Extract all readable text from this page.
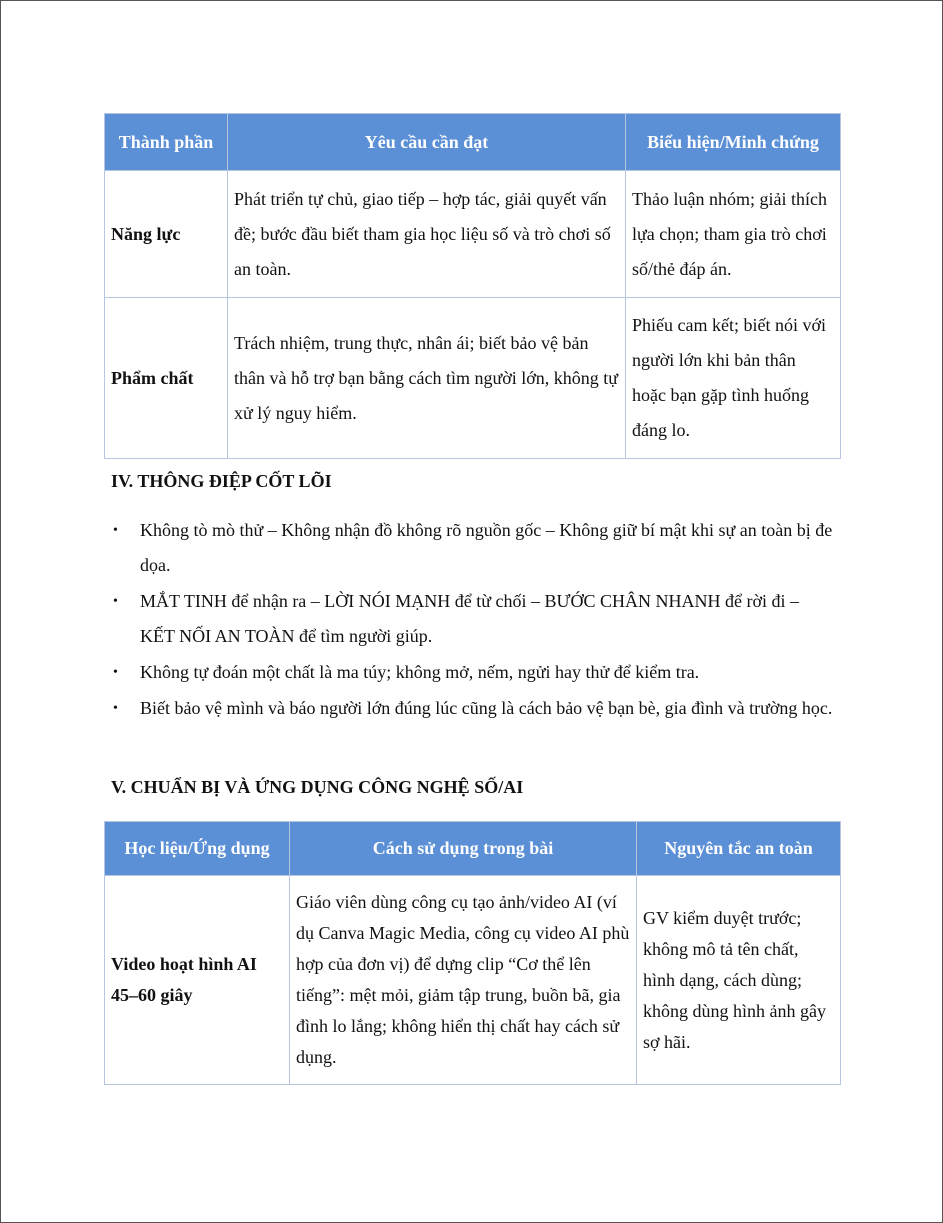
Thành phần	Yêu cầu cần đạt	Biểu hiện/Minh chứng
Năng lực	Phát triển tự chủ, giao tiếp – hợp tác, giải quyết vấn đề; bước đầu biết tham gia học liệu số và trò chơi số an toàn.	Thảo luận nhóm; giải thích lựa chọn; tham gia trò chơi số/thẻ đáp án.
Phẩm chất	Trách nhiệm, trung thực, nhân ái; biết bảo vệ bản thân và hỗ trợ bạn bằng cách tìm người lớn, không tự xử lý nguy hiểm.	Phiếu cam kết; biết nói với người lớn khi bản thân hoặc bạn gặp tình huống đáng lo.
IV. THÔNG ĐIỆP CỐT LÕI
• Không tò mò thử – Không nhận đồ không rõ nguồn gốc – Không giữ bí mật khi sự an toàn bị đe dọa.
• MẮT TINH để nhận ra – LỜI NÓI MẠNH để từ chối – BƯỚC CHÂN NHANH để rời đi – KẾT NỐI AN TOÀN để tìm người giúp.
• Không tự đoán một chất là ma túy; không mở, nếm, ngửi hay thử để kiểm tra.
• Biết bảo vệ mình và báo người lớn đúng lúc cũng là cách bảo vệ bạn bè, gia đình và trường học.
V. CHUẨN BỊ VÀ ỨNG DỤNG CÔNG NGHỆ SỐ/AI
Học liệu/Ứng dụng	Cách sử dụng trong bài	Nguyên tắc an toàn
Video hoạt hình AI 45–60 giây	Giáo viên dùng công cụ tạo ảnh/video AI (ví dụ Canva Magic Media, công cụ video AI phù hợp của đơn vị) để dựng clip “Cơ thể lên tiếng”: mệt mỏi, giảm tập trung, buồn bã, gia đình lo lắng; không hiển thị chất hay cách sử dụng.	GV kiểm duyệt trước; không mô tả tên chất, hình dạng, cách dùng; không dùng hình ảnh gây sợ hãi.
